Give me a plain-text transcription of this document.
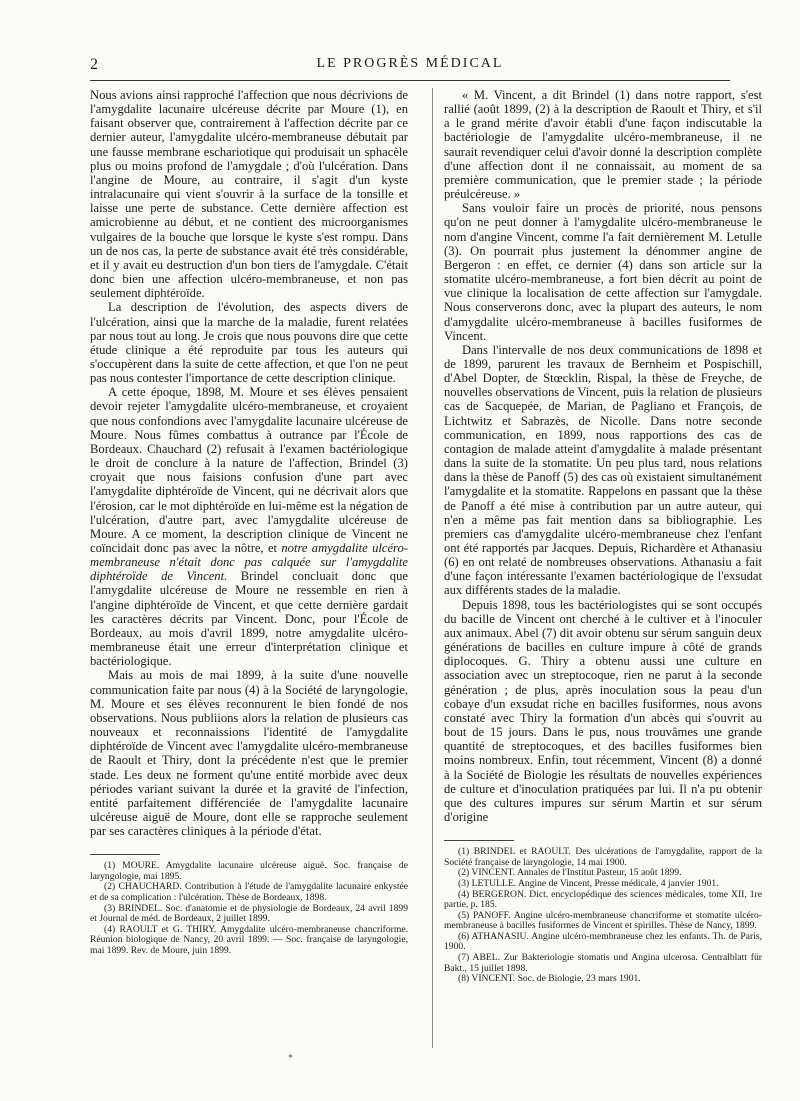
2	LE PROGRÈS MÉDICAL

Nous avions ainsi rapproché l'affection que nous décrivions de l'amygdalite lacunaire ulcéreuse décrite par Moure (1), en faisant observer que, contrairement à l'affection décrite par ce dernier auteur, l'amygdalite ulcéro-membraneuse débutait par une fausse membrane eschariotique qui produisait un sphacèle plus ou moins profond de l'amygdale ; d'où l'ulcération. Dans l'angine de Moure, au contraire, il s'agit d'un kyste intralacunaire qui vient s'ouvrir à la surface de la tonsille et laisse une perte de substance. Cette dernière affection est amicrobienne au début, et ne contient des microorganismes vulgaires de la bouche que lorsque le kyste s'est rompu. Dans un de nos cas, la perte de substance avait été très considérable, et il y avait eu destruction d'un bon tiers de l'amygdale. C'était donc bien une affection ulcéro-membraneuse, et non pas seulement diphtéroïde.

La description de l'évolution, des aspects divers de l'ulcération, ainsi que la marche de la maladie, furent relatées par nous tout au long. Je crois que nous pouvons dire que cette étude clinique a été reproduite par tous les auteurs qui s'occupèrent dans la suite de cette affection, et que l'on ne peut pas nous contester l'importance de cette description clinique.

A cette époque, 1898, M. Moure et ses élèves pensaient devoir rejeter l'amygdalite ulcéro-membraneuse, et croyaient que nous confondions avec l'amygdalite lacunaire ulcéreuse de Moure. Nous fûmes combattus à outrance par l'École de Bordeaux. Chauchard (2) refusait à l'examen bactériologique le droit de conclure à la nature de l'affection, Brindel (3) croyait que nous faisions confusion d'une part avec l'amygdalite diphtéroïde de Vincent, qui ne décrivait alors que l'érosion, car le mot diphtéroïde en lui-même est la négation de l'ulcération, d'autre part, avec l'amygdalite ulcéreuse de Moure. A ce moment, la description clinique de Vincent ne coïncidait donc pas avec la nôtre, et notre amygdalite ulcéro-membraneuse n'était donc pas calquée sur l'amygdalite diphtéroïde de Vincent. Brindel concluait donc que l'amygdalite ulcéreuse de Moure ne ressemble en rien à l'angine diphtéroïde de Vincent, et que cette dernière gardait les caractères décrits par Vincent. Donc, pour l'École de Bordeaux, au mois d'avril 1899, notre amygdalite ulcéro-membraneuse était une erreur d'interprétation clinique et bactériologique.

Mais au mois de mai 1899, à la suite d'une nouvelle communication faite par nous (4) à la Société de laryngologie, M. Moure et ses élèves reconnurent le bien fondé de nos observations. Nous publiions alors la relation de plusieurs cas nouveaux et reconnaissions l'identité de l'amygdalite diphtéroïde de Vincent avec l'amygdalite ulcéro-membraneuse de Raoult et Thiry, dont la précédente n'est que le premier stade. Les deux ne forment qu'une entité morbide avec deux périodes variant suivant la durée et la gravité de l'infection, entité parfaitement différenciée de l'amygdalite lacunaire ulcéreuse aiguë de Moure, dont elle se rapproche seulement par ses caractères cliniques à la période d'état.

(1) MOURE. Amygdalite lacunaire ulcéreuse aiguë. Soc. française de laryngologie, mai 1895.

(2) CHAUCHARD. Contribution à l'étude de l'amygdalite lacunaire enkystée et de sa complication : l'ulcération. Thèse de Bordeaux, 1898.

(3) BRINDEL. Soc. d'anatomie et de physiologie de Bordeaux, 24 avril 1899 et Journal de méd. de Bordeaux, 2 juillet 1899.

(4) RAOULT et G. THIRY. Amygdalite ulcéro-membraneuse chancriforme. Réunion biologique de Nancy, 20 avril 1899. — Soc. française de laryngologie, mai 1899. Rev. de Moure, juin 1899.

« M. Vincent, a dit Brindel (1) dans notre rapport, s'est rallié (août 1899, (2) à la description de Raoult et Thiry, et s'il a le grand mérite d'avoir établi d'une façon indiscutable la bactériologie de l'amygdalite ulcéro-membraneuse, il ne saurait revendiquer celui d'avoir donné la description complète d'une affection dont il ne connaissait, au moment de sa première communication, que le premier stade ; la période préulcéreuse. »

Sans vouloir faire un procès de priorité, nous pensons qu'on ne peut donner à l'amygdalite ulcéro-membraneuse le nom d'angine Vincent, comme l'a fait dernièrement M. Letulle (3). On pourrait plus justement la dénommer angine de Bergeron : en effet, ce dernier (4) dans son article sur la stomatite ulcéro-membraneuse, a fort bien décrit au point de vue clinique la localisation de cette affection sur l'amygdale. Nous conserverons donc, avec la plupart des auteurs, le nom d'amygdalite ulcéro-membraneuse à bacilles fusiformes de Vincent.

Dans l'intervalle de nos deux communications de 1898 et de 1899, parurent les travaux de Bernheim et Pospischill, d'Abel Dopter, de Stœcklin, Rispal, la thèse de Freyche, de nouvelles observations de Vincent, puis la relation de plusieurs cas de Sacquepée, de Marian, de Pagliano et François, de Lichtwitz et Sabrazès, de Nicolle. Dans notre seconde communication, en 1899, nous rapportions des cas de contagion de malade atteint d'amygdalite à malade présentant dans la suite de la stomatite. Un peu plus tard, nous relations dans la thèse de Panoff (5) des cas où existaient simultanément l'amygdalite et la stomatite. Rappelons en passant que la thèse de Panoff a été mise à contribution par un autre auteur, qui n'en a même pas fait mention dans sa bibliographie. Les premiers cas d'amygdalite ulcéro-membraneuse chez l'enfant ont été rapportés par Jacques. Depuis, Richardère et Athanasiu (6) en ont relaté de nombreuses observations. Athanasiu a fait d'une façon intéressante l'examen bactériologique de l'exsudat aux différents stades de la maladie.

Depuis 1898, tous les bactériologistes qui se sont occupés du bacille de Vincent ont cherché à le cultiver et à l'inoculer aux animaux. Abel (7) dit avoir obtenu sur sérum sanguin deux générations de bacilles en culture impure à côté de grands diplocoques. G. Thiry a obtenu aussi une culture en association avec un streptocoque, rien ne parut à la seconde génération ; de plus, après inoculation sous la peau d'un cobaye d'un exsudat riche en bacilles fusiformes, nous avons constaté avec Thiry la formation d'un abcès qui s'ouvrit au bout de 15 jours. Dans le pus, nous trouvâmes une grande quantité de streptocoques, et des bacilles fusiformes bien moins nombreux. Enfin, tout récemment, Vincent (8) a donné à la Société de Biologie les résultats de nouvelles expériences de culture et d'inoculation pratiquées par lui. Il n'a pu obtenir que des cultures impures sur sérum Martin et sur sérum d'origine

(1) BRINDEL et RAOULT. Des ulcérations de l'amygdalite, rapport de la Société française de laryngologie, 14 mai 1900.

(2) VINCENT. Annales de l'Institut Pasteur, 15 août 1899.

(3) LETULLE. Angine de Vincent, Presse médicale, 4 janvier 1901.

(4) BERGERON. Dict. encyclopédique des sciences médicales, tome XII, 1re partie, p. 185.

(5) PANOFF. Angine ulcéro-membraneuse chancriforme et stomatite ulcéro-membraneuse à bacilles fusiformes de Vincent et spirilles. Thèse de Nancy, 1899.

(6) ATHANASIU. Angine ulcéro-membraneuse chez les enfants. Th. de Paris, 1900.

(7) ABEL. Zur Bakteriologie stomatis und Angina ulcerosa. Centralblatt für Bakt., 15 juillet 1898.

(8) VINCENT. Soc. de Biologie, 23 mars 1901.

*
